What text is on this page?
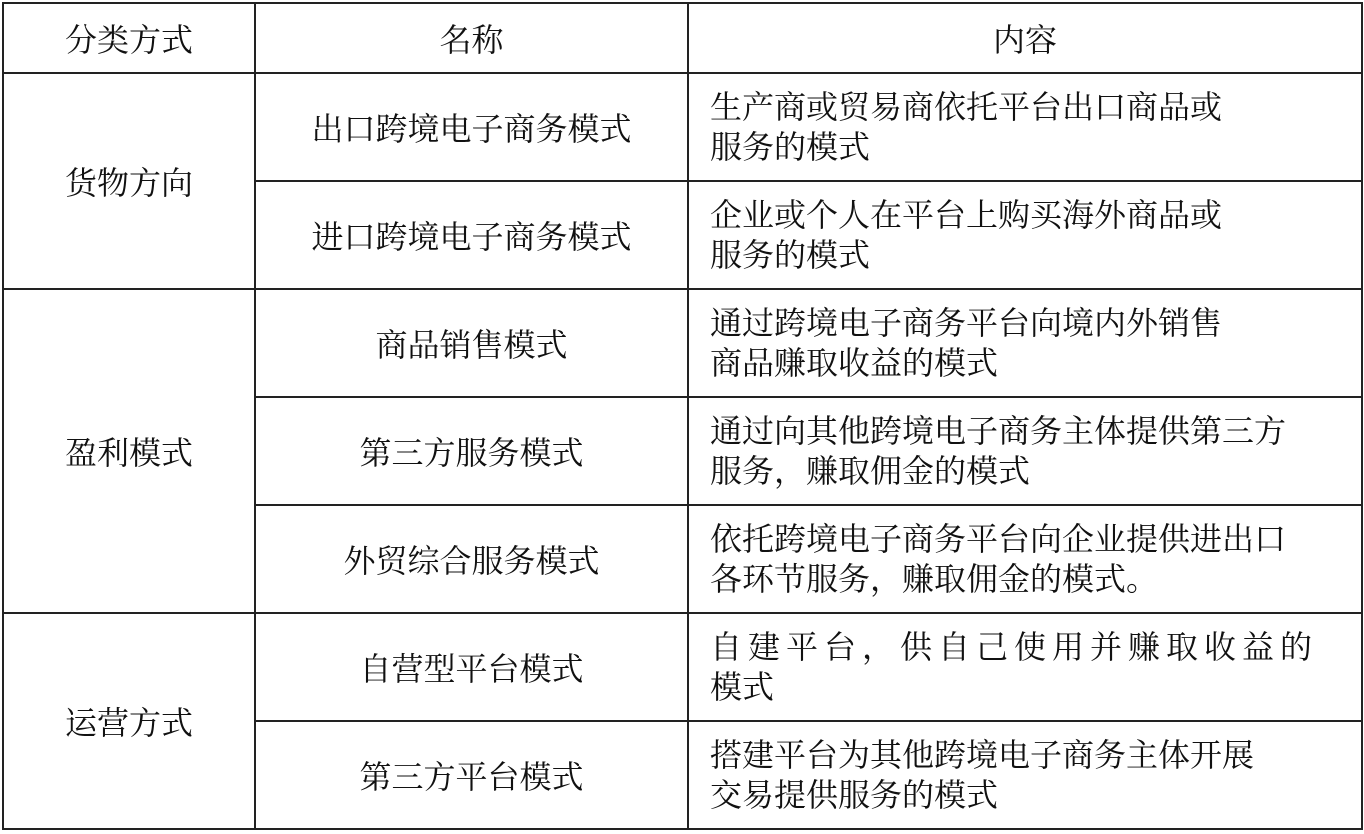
分类方式	名称	内容
货物方向	出口跨境电子商务模式	生产商或贸易商依托平台出口商品或
服务的模式

	进口跨境电子商务模式	企业或个人在平台上购买海外商品或
服务的模式

盈利模式	商品销售模式	通过跨境电子商务平台向境内外销售
商品赚取收益的模式

	第三方服务模式	通过向其他跨境电子商务主体提供第三方
服务，赚取佣金的模式

	外贸综合服务模式	依托跨境电子商务平台向企业提供进出口
各环节服务，赚取佣金的模式。

运营方式	自营型平台模式	自建平台，供自己使用并赚取收益的
模式

	第三方平台模式	搭建平台为其他跨境电子商务主体开展
交易提供服务的模式
